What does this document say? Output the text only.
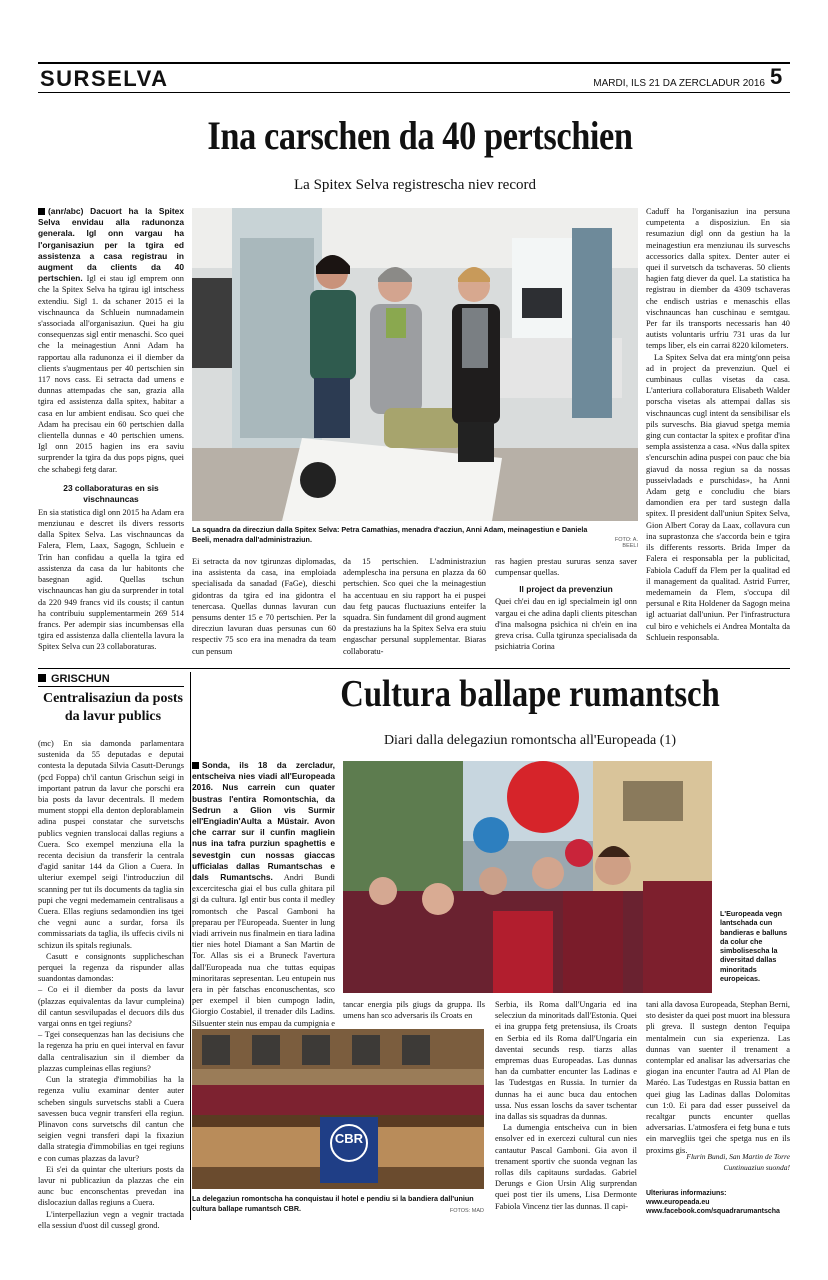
SURSELVA	MARDI, ILS 21 DA ZERCLADUR 2016 5
Ina carschen da 40 pertschien
La Spitex Selva registrescha niev record

(anr/abc) Dacuort ha la Spitex Selva envidau alla radunonza generala. Igl onn vargau ha l'organisaziun per la tgira ed assistenza a casa registrau in augment da clients da 40 pertschien. Igl ei stau igl emprem onn che la Spitex Selva ha tgirau igl intschess extendiu. Sigl 1. da schaner 2015 ei la vischnaunca da Schluein numnadamein s'associada all'organisaziun. Quei ha giu consequenzas sigl entir menaschi. Sco quei che la meinagestiun Anni Adam ha rapportau alla radunonza ei il diember da clients s'augmentaus per 40 pertschien sin 117 novs cass. Ei setracta dad umens e dunnas attempadas che san, grazia alla tgira ed assistenza dalla spitex, habitar a casa en lur ambient endisau. Sco quei che Adam ha precisau ein 60 pertschien dalla clientella dunnas e 40 pertschien umens. Igl onn 2015 hagien ins era saviu surprender la tgira da dus pops pigns, quei che schabegi fetg darar.

23 collaboraturas en sis vischnauncas

En sia statistica digl onn 2015 ha Adam era menziunau e descret ils divers ressorts dalla Spitex Selva. Las vischnauncas da Falera, Flem, Laax, Sagogn, Schluein e Trin han confidau a quella la tgira ed assistenza da casa da lur habitonts che basegnan agid. Quellas tschun vischnauncas han giu da surprender in total da 220 949 francs vid ils cousts; il cantun ha contribuiu supplementarmein 269 514 francs. Per adempir sias incumbensas ella tgira ed assistenza dalla clientella lavura la Spitex Selva cun 23 collaboraturas.

La squadra da direcziun dalla Spitex Selva: Petra Camathias, menadra d'acziun, Anni Adam, meinagestiun e Daniela Beeli, menadra dall'administraziun.	FOTO: A. BEELI
Ei setracta da nov tgirunzas diplomadas, ina assistenta da casa, ina emploiada specialisada da sanadad (FaGe), dieschi gidontras da tgira ed ina gidontra el tenercasa. Quellas dunnas lavuran cun pensums denter 15 e 70 pertschien. Per la direcziun lavuran duas persunas cun 60 respectiv 75 sco era ina menadra da team cun pensum
da 15 pertschien. L'administraziun ademplescha ina persuna en plazza da 60 pertschien. Sco quei che la meinagestiun ha accentuau en siu rapport ha ei puspei dau fetg paucas fluctuaziuns enteifer la squadra. Sin fundament dil grond augment da prestaziuns ha la Spitex Selva era stuiu engaschar persunal supplementar. Biaras collaboratu-

ras hagien prestau sururas senza saver cumpensar quellas.

Il project da prevenziun

Quei ch'ei dau en igl specialmein igl onn vargau ei che adina dapli clients piteschan d'ina malsogna psichica ni ch'ein en ina greva crisa. Culla tgirunza specialisada da psichiatria Corina

Caduff ha l'organisaziun ina persuna cumpetenta a disposiziun. En sia resumaziun digl onn da gestiun ha la meinagestiun era menziunau ils surveschs accessorics dalla spitex. Denter auter ei quei il survetsch da tschaveras. 50 clients hagien fatg diever da quel. La statistica ha registrau in diember da 4309 tschaveras che endisch ustrias e menaschis ellas vischnauncas han cuschinau e semtgau. Per far ils transports necessaris han 40 autists voluntaris urfriu 731 uras da lur temps liber, els ein carrai 8220 kilometers.

La Spitex Selva dat era mintg'onn peisa ad in project da prevenziun. Quel ei cumbinaus cullas visetas da casa. L'anteriura collaboratura Elisabeth Walder porscha visetas als attempai dallas sis vischnauncas cugl intent da sensibilisar els pils surveschs. Bia giavud spetga memia ging cun contactar la spitex e profitar d'ina sempla assistenza a casa. «Nus dalla spitex s'encurschin adina puspei con pauc che bia giavud da nossa regiun sa da nossas pusseivladads e purschidas», ha Anni Adam getg e concludiu che biars damondien era per tard sustegn dalla spitex. Il president dall'uniun Spitex Selva, Gion Albert Coray da Laax, collavura cun ina suprastonza che s'accorda bein e tgira ils differents ressorts. Brida Imper da Falera ei responsabla per la publicitad, Fabiola Caduff da Flem per la qualitad ed il management da qualitad. Astrid Furrer, medemamein da Flem, s'occupa dil persunal e Rita Holdener da Sagogn meina igl actuariat dall'uniun. Per l'infrastructura cul biro e vehichels ei Andrea Montalta da Schluein responsabla.

GRISCHUN
Centralisaziun da posts da lavur publics

(mc) En sia damonda parlamentara sustenida da 55 deputadas e deputai contesta la deputada Silvia Casutt-Derungs (pcd Foppa) ch'il cantun Grischun seigi in important patrun da lavur che porschi era bia posts da lavur decentrals. Il medem mument stoppi ella denton deplorablamein adina puspei constatar che survetschs publics vegnien translocai dallas regiuns a Cuera. Sco exempel menziuna ella la recenta decisiun da transferir la centrala d'agid sanitar 144 da Glion a Cuera. In ulteriur exempel seigi l'introducziun dil scanning per tut ils documents da taglia sin pupi che vegni medemamein centralisaus a Cuera. Ellas regiuns sedamondien ins tgei che vegni aunc a surdar, forsa ils commissariats da taglia, ils uffecis civils ni schizun ils spitals regiunals.

Casutt e consignonts supplicheschan perquei la regenza da rispunder allas suandontas damondas:

– Co ei il diember da posts da lavur (plazzas equivalentas da lavur cumpleina) dil cantun sesvilupadas el decuors dils dus vargai onns en tgei regiuns?

– Tgei consequenzas han las decisiuns che la regenza ha priu en quei interval en favur dalla centralisaziun sin il diember da plazzas cumpleinas ellas regiuns?

Cun la strategia d'immobilias ha la regenza vuliu examinar denter auter scheben singuls survetschs stabli a Cuera savessen buca vegnir transferi ella regiun. Plinavon cons survetschs dil cantun che seigien vegni transferi dapi la fixaziun dalla strategia d'immobilias en tgei regiuns e con cumas plazzas da lavur?

Ei s'ei da quintar che ulteriurs posts da lavur ni publicaziun da plazzas che ein aunc buc enconschentas prevedan ina dislocaziun dallas regiuns a Cuera.

L'interpellaziun vegn a vegnir tractada ella sessiun d'uost dil cussegl grond.

Cultura ballape rumantsch
Diari dalla delegaziun romontscha all'Europeada (1)

Sonda, ils 18 da zercladur, entscheiva nies viadi all'Europeada 2016. Nus carrein cun quater bustras l'entira Romontschia, da Sedrun a Glion vis Surmir ell'Engiadin'Aulta a Müstair. Avon che carrar sur il cunfin magliein nus ina tafra purziun spaghettis e sevestgin cun nossas giaccas ufficialas dallas Rumantschas e dals Rumantschs. Andri Bundi excercitescha giai el bus culla ghitara pil gi da cultura. Igl entir bus conta il medley romontsch che Pascal Gamboni ha preparau per l'Europeada. Suenter in lung viadi arrivein nus finalmein en tiara ladina tier nies hotel Diamant a San Martin de Tor. Allas sis ei a Bruneck l'avertura dall'Europeada nua che tuttas equipas minoritaras sepresentan. Leu entupein nus era in pèr fatschas enconuschentas, sco per exempel il bien cumpogn ladin, Giorgio Costabiel, il trenader dils Ladins. Silsuenter stein nus empau da cumpignia e

L'Europeada vegn lantschada cun bandieras e balluns da colur che simbolisescha la diversitad dallas minoritads europeicas.
tancar energia pils giugs da gruppa. Ils umens han sco adversaris ils Croats en
CBR
La delegaziun romontscha ha conquistau il hotel e pendiu si la bandiera dall'uniun cultura ballape rumantsch CBR.	FOTOS: MAD

Serbia, ils Roma dall'Ungaria ed ina selecziun da minoritads dall'Estonia. Quei ei ina gruppa fetg pretensiusa, ils Croats en Serbia ed ils Roma dall'Ungaria ein daventai secunds resp. tiarzs allas empremas duas Europeadas. Las dunnas han da cumbatter encunter las Ladinas e las Tudestgas en Russia. In turnier da dunnas ha ei aunc buca dau entochen ussa. Nus essan loschs da saver tschentar ina dallas sis squadras da dunnas.

La dumengia entscheiva cun in bien ensolver ed in exercezi cultural cun nies cantautur Pascal Gamboni. Gia avon il trenament sportiv che suonda vegnan las rollas dils capitauns surdadas. Gabriel Derungs e Gion Ursin Alig surprendan quei post tier ils umens, Lisa Dermonte Fabiola Vincenz tier las dunnas. Il capi-

tani alla davosa Europeada, Stephan Berni, sto desister da quei post muort ina blessura pli greva. Il sustegn denton l'equipa mentalmein cun sia experienza. Las dunnas van suenter il trenament a contemplar ed analisar las adversarias che giogan ina encunter l'autra ad Al Plan de Maréo. Las Tudestgas en Russia battan en quei giug las Ladinas dallas Dolomitas cun 1:0. Ei para dad esser pusseivel da recaltgar puncts encunter quellas adversarias. L'atmosfera ei fetg buna e tuts ein marvegliis tgei che spetga nus en ils proxims gis.
Flurin Bundi, San Martin de Torre
Cuntinuaziun suonda!
Ulteriuras informaziuns:
www.europeada.eu
www.facebook.com/squadrarumantscha
